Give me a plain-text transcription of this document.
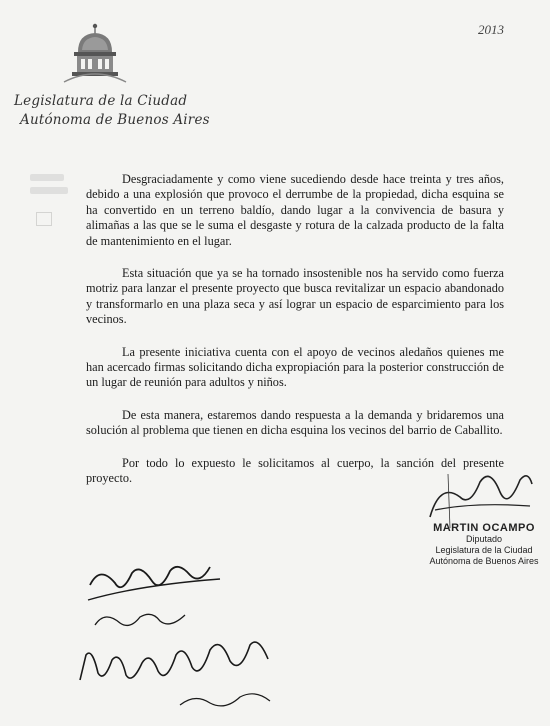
2013
Legislatura de la Ciudad
Autónoma de Buenos Aires

Desgraciadamente y como viene sucediendo desde hace treinta y tres años, debido a una explosión que provoco el derrumbe de la propiedad, dicha esquina se ha convertido en un terreno baldío, dando lugar a la convivencia de basura y alimañas a las que se le suma el desgaste y rotura de la calzada producto de la falta de mantenimiento en el lugar.

Esta situación que ya se ha tornado insostenible nos ha servido como fuerza motriz para lanzar el presente proyecto que busca revitalizar un espacio abandonado y transformarlo en una plaza seca y así lograr un espacio de esparcimiento para los vecinos.

La presente iniciativa cuenta con el apoyo de vecinos aledaños quienes me han acercado firmas solicitando dicha expropiación para la posterior construcción de un lugar de reunión para adultos y niños.

De esta manera, estaremos dando respuesta a la demanda y bridaremos una solución al problema que tienen en dicha esquina los vecinos del barrio de Caballito.

Por todo lo expuesto le solicitamos al cuerpo, la sanción del presente proyecto.

MARTIN OCAMPO
Diputado
Legislatura de la Ciudad
Autónoma de Buenos Aires
